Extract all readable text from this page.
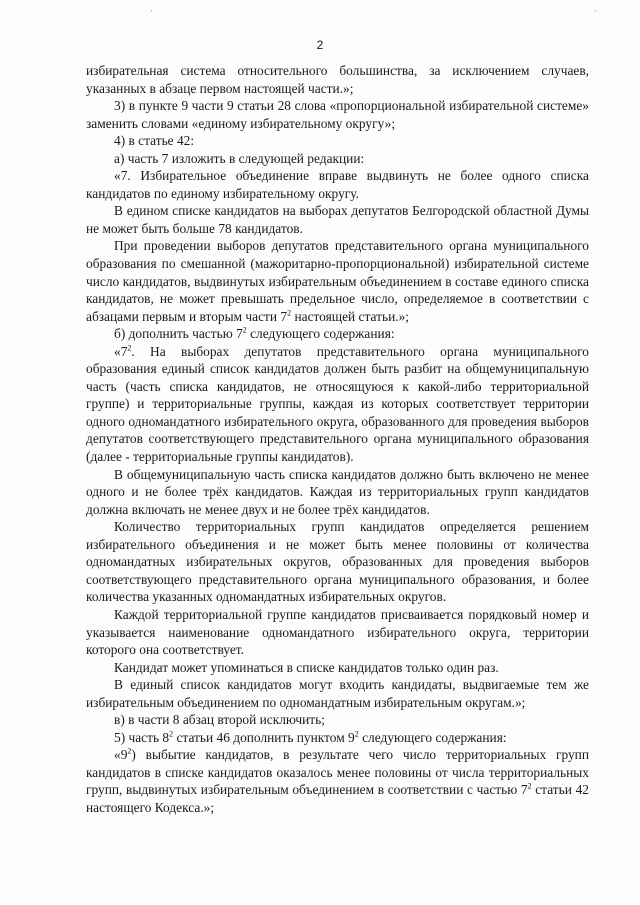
·	·
2

избирательная система относительного большинства, за исключением случаев, указанных в абзаце первом настоящей части.»;

3) в пункте 9 части 9 статьи 28 слова «пропорциональной избирательной системе» заменить словами «единому избирательному округу»;

4) в статье 42:

а) часть 7 изложить в следующей редакции:

«7. Избирательное объединение вправе выдвинуть не более одного списка кандидатов по единому избирательному округу.

В едином списке кандидатов на выборах депутатов Белгородской областной Думы не может быть больше 78 кандидатов.

При проведении выборов депутатов представительного органа муниципального образования по смешанной (мажоритарно-пропорциональной) избирательной системе число кандидатов, выдвинутых избирательным объединением в составе единого списка кандидатов, не может превышать предельное число, определяемое в соответствии с абзацами первым и вторым части $7^2$ настоящей статьи.»;

б) дополнить частью $7^2$ следующего содержания:

«$7^2$. На выборах депутатов представительного органа муниципального образования единый список кандидатов должен быть разбит на общемуниципальную часть (часть списка кандидатов, не относящуюся к какой-либо территориальной группе) и территориальные группы, каждая из которых соответствует территории одного одномандатного избирательного округа, образованного для проведения выборов депутатов соответствующего представительного органа муниципального образования (далее - территориальные группы кандидатов).

В общемуниципальную часть списка кандидатов должно быть включено не менее одного и не более трёх кандидатов. Каждая из территориальных групп кандидатов должна включать не менее двух и не более трёх кандидатов.

Количество территориальных групп кандидатов определяется решением избирательного объединения и не может быть менее половины от количества одномандатных избирательных округов, образованных для проведения выборов соответствующего представительного органа муниципального образования, и более количества указанных одномандатных избирательных округов.

Каждой территориальной группе кандидатов присваивается порядковый номер и указывается наименование одномандатного избирательного округа, территории которого она соответствует.

Кандидат может упоминаться в списке кандидатов только один раз.

В единый список кандидатов могут входить кандидаты, выдвигаемые тем же избирательным объединением по одномандатным избирательным округам.»;

в) в части 8 абзац второй исключить;

5) часть $8^2$ статьи 46 дополнить пунктом $9^2$ следующего содержания:

«$9^2$) выбытие кандидатов, в результате чего число территориальных групп кандидатов в списке кандидатов оказалось менее половины от числа территориальных групп, выдвинутых избирательным объединением в соответствии с частью $7^2$ статьи 42 настоящего Кодекса.»;
